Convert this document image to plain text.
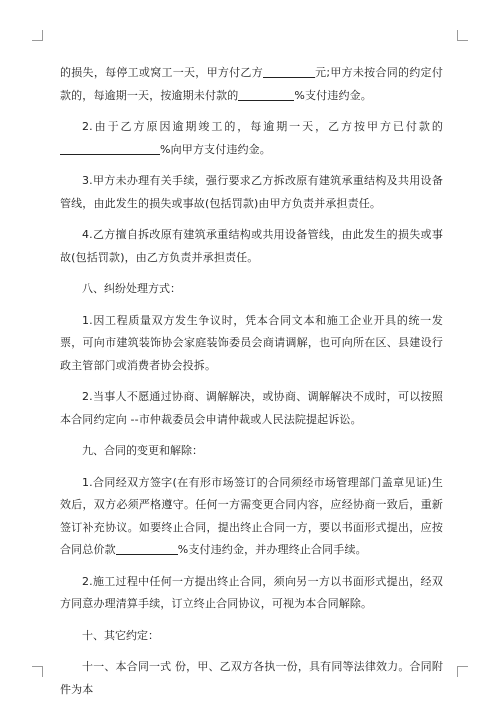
的损失，每停工或窝工一天，甲方付乙方	元;甲方未按合同的约定付款的，每逾期一天，按逾期未付款的	%支付违约金。

2.由于乙方原因逾期竣工的，每逾期一天，乙方按甲方已付款的%向甲方支付违约金。

3.甲方未办理有关手续，强行要求乙方拆改原有建筑承重结构及共用设备管线，由此发生的损失或事故(包括罚款)由甲方负责并承担责任。

4.乙方擅自拆改原有建筑承重结构或共用设备管线，由此发生的损失或事故(包括罚款)，由乙方负责并承担责任。

八、纠纷处理方式：

1.因工程质量双方发生争议时，凭本合同文本和施工企业开具的统一发票，可向市建筑装饰协会家庭装饰委员会商请调解，也可向所在区、县建设行政主管部门或消费者协会投拆。

2.当事人不愿通过协商、调解解决，或协商、调解解决不成时，可以按照本合同约定向 --市仲裁委员会申请仲裁或人民法院提起诉讼。

九、合同的变更和解除：

1.合同经双方签字(在有形市场签订的合同须经市场管理部门盖章见证)生效后，双方必须严格遵守。任何一方需变更合同内容，应经协商一致后，重新签订补充协议。如要终止合同，提出终止合同一方，要以书面形式提出，应按合同总价款	%支付违约金，并办理终止合同手续。

2.施工过程中任何一方提出终止合同，须向另一方以书面形式提出，经双方同意办理清算手续，订立终止合同协议，可视为本合同解除。

十、其它约定：

十一、本合同一式 份，甲、乙双方各执一份，具有同等法律效力。合同附件为本
